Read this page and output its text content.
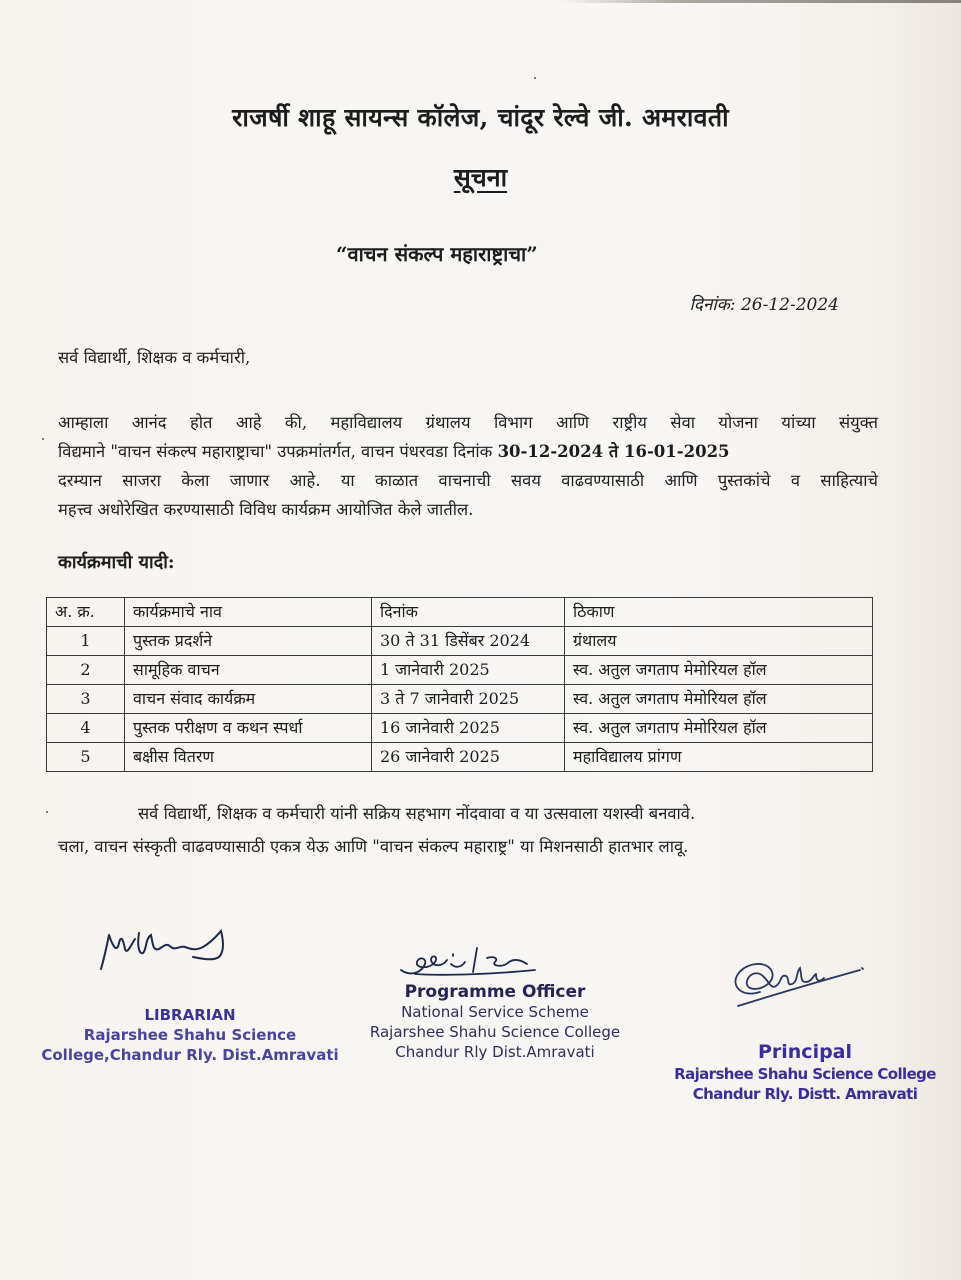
राजर्षी शाहू सायन्स कॉलेज, चांदूर रेल्वे जी. अमरावती
सूचना
“वाचन संकल्प महाराष्ट्राचा”
दिनांक: 26-12-2024
सर्व विद्यार्थी, शिक्षक व कर्मचारी,
आम्हाला आनंद होत आहे की, महाविद्यालय ग्रंथालय विभाग आणि राष्ट्रीय सेवा योजना यांच्या संयुक्त
विद्यमाने "वाचन संकल्प महाराष्ट्राचा" उपक्रमांतर्गत, वाचन पंधरवडा दिनांक 30-12-2024 ते 16-01-2025
दरम्यान साजरा केला जाणार आहे. या काळात वाचनाची सवय वाढवण्यासाठी आणि पुस्तकांचे व साहित्याचे
महत्त्व अधोरेखित करण्यासाठी विविध कार्यक्रम आयोजित केले जातील.
कार्यक्रमाची यादी:
अ. क्र.	कार्यक्रमाचे नाव	दिनांक	ठिकाण
1	पुस्तक प्रदर्शने	30 ते 31 डिसेंबर 2024	ग्रंथालय
2	सामूहिक वाचन	1 जानेवारी 2025	स्व. अतुल जगताप मेमोरियल हॉल
3	वाचन संवाद कार्यक्रम	3 ते 7 जानेवारी 2025	स्व. अतुल जगताप मेमोरियल हॉल
4	पुस्तक परीक्षण व कथन स्पर्धा	16 जानेवारी 2025	स्व. अतुल जगताप मेमोरियल हॉल
5	बक्षीस वितरण	26 जानेवारी 2025	महाविद्यालय प्रांगण
सर्व विद्यार्थी, शिक्षक व कर्मचारी यांनी सक्रिय सहभाग नोंदवावा व या उत्सवाला यशस्वी बनवावे.
चला, वाचन संस्कृती वाढवण्यासाठी एकत्र येऊ आणि "वाचन संकल्प महाराष्ट्र" या मिशनसाठी हातभार लावू.
LIBRARIAN
Rajarshee Shahu Science
College,Chandur Rly. Dist.Amravati
Programme Officer
National Service Scheme
Rajarshee Shahu Science College
Chandur Rly Dist.Amravati	Principal
Rajarshee Shahu Science College
Chandur Rly. Distt. Amravati
